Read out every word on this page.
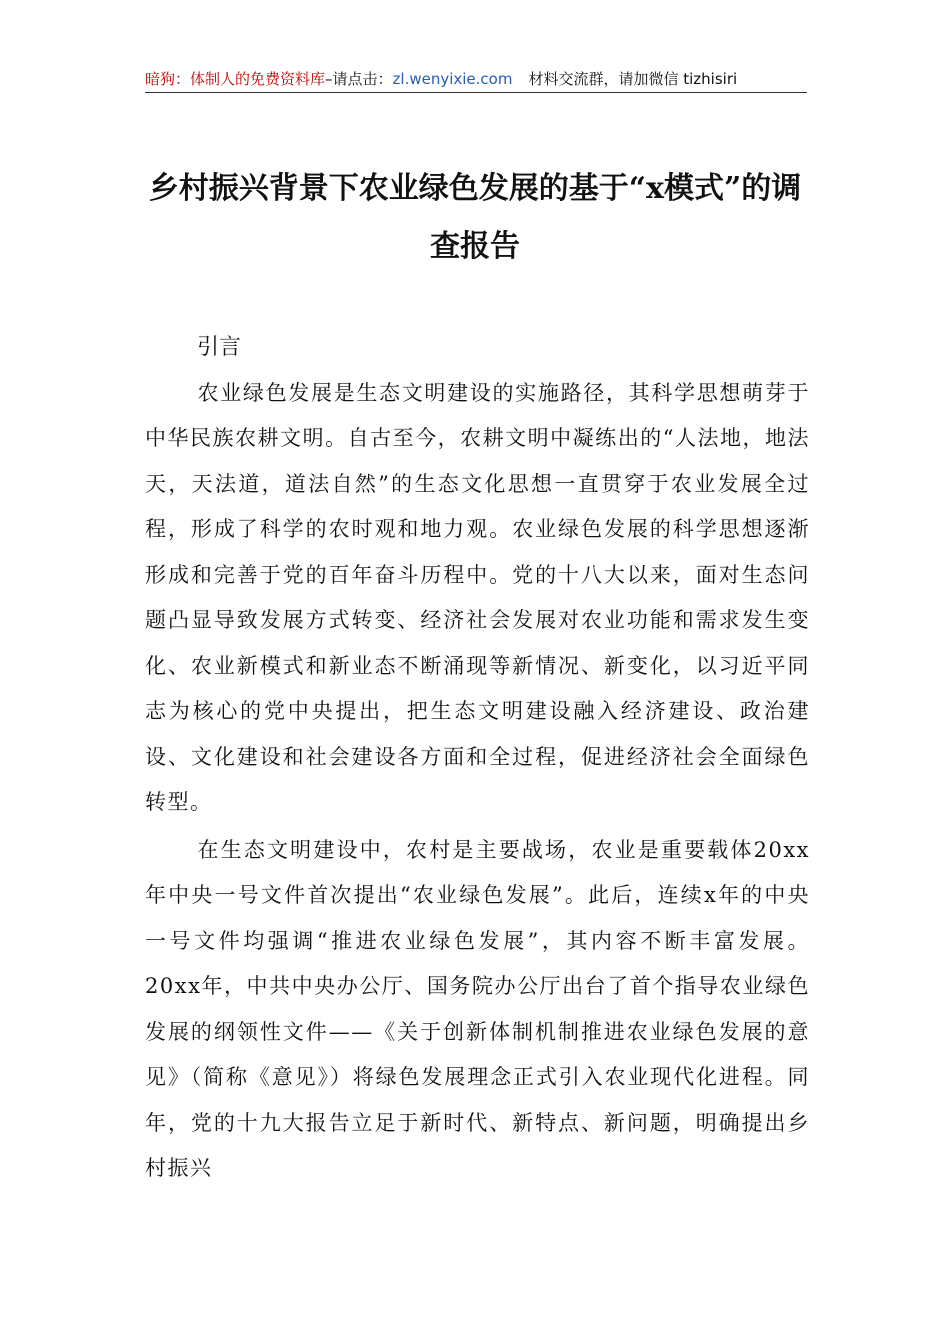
暗狗：体制人的免费资料库–请点击：zl.wenyixie.com 材料交流群，请加微信 tizhisiri
乡村振兴背景下农业绿色发展的基于“x模式”的调查报告

引言

农业绿色发展是生态文明建设的实施路径，其科学思想萌芽于中华民族农耕文明。自古至今，农耕文明中凝练出的“人法地，地法天，天法道，道法自然”的生态文化思想一直贯穿于农业发展全过程，形成了科学的农时观和地力观。农业绿色发展的科学思想逐渐形成和完善于党的百年奋斗历程中。党的十八大以来，面对生态问题凸显导致发展方式转变、经济社会发展对农业功能和需求发生变化、农业新模式和新业态不断涌现等新情况、新变化，以习近平同志为核心的党中央提出，把生态文明建设融入经济建设、政治建设、文化建设和社会建设各方面和全过程，促进经济社会全面绿色转型。

在生态文明建设中，农村是主要战场，农业是重要载体20xx年中央一号文件首次提出“农业绿色发展”。此后，连续x年的中央一号文件均强调“推进农业绿色发展”，其内容不断丰富发展。20xx年，中共中央办公厅、国务院办公厅出台了首个指导农业绿色发展的纲领性文件——《关于创新体制机制推进农业绿色发展的意见》（简称《意见》）将绿色发展理念正式引入农业现代化进程。同年，党的十九大报告立足于新时代、新特点、新问题，明确提出乡村振兴
